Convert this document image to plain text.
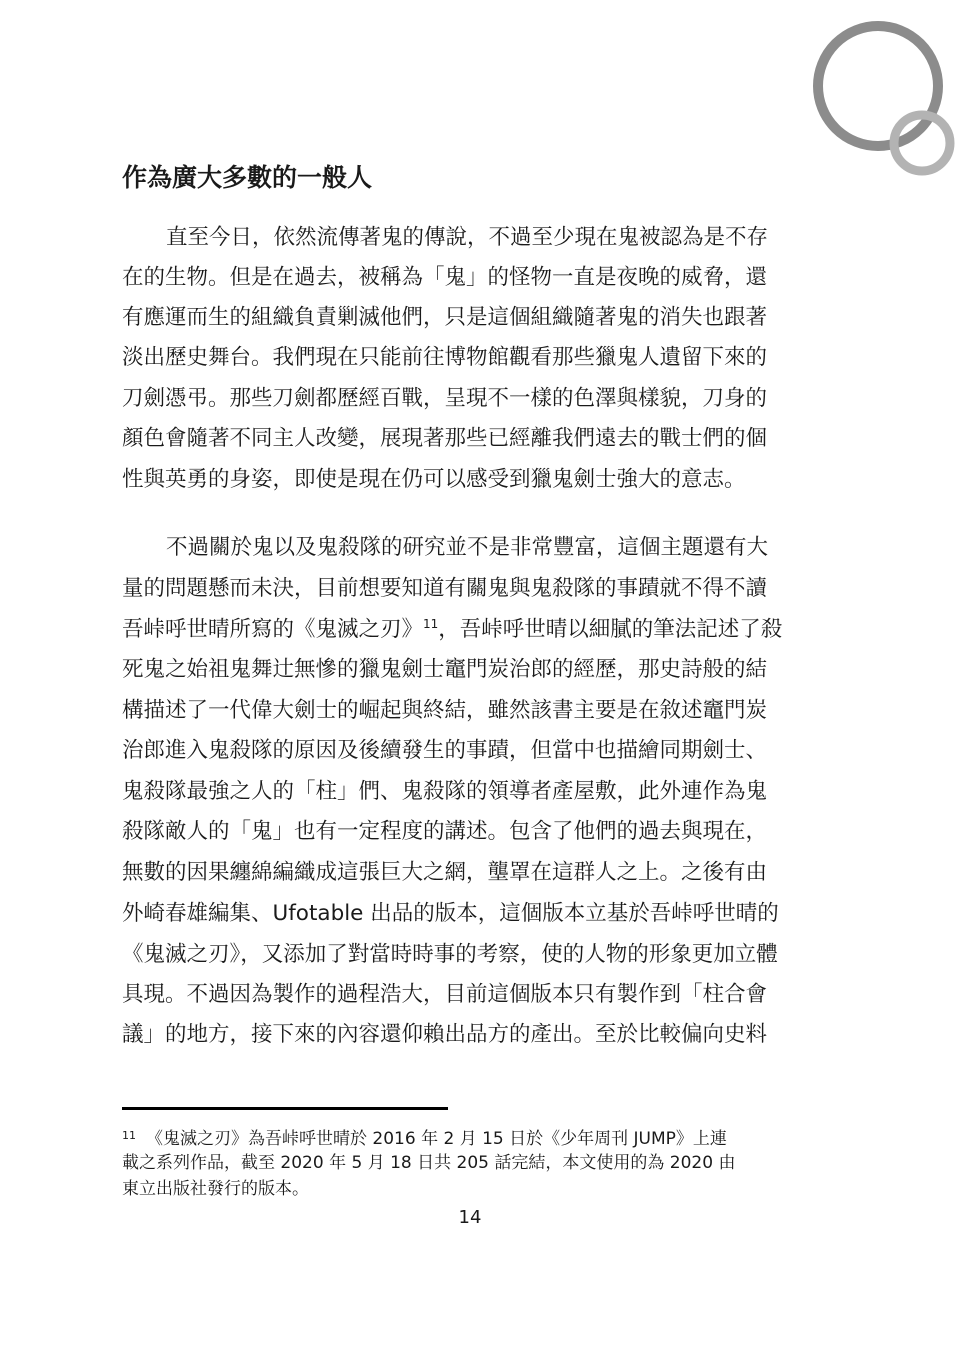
作為廣大多數的一般人
直至今日，依然流傳著鬼的傳說，不過至少現在鬼被認為是不存
在的生物。但是在過去，被稱為「鬼」的怪物一直是夜晚的威脅，還
有應運而生的組織負責剿滅他們，只是這個組織隨著鬼的消失也跟著
淡出歷史舞台。我們現在只能前往博物館觀看那些獵鬼人遺留下來的
刀劍憑弔。那些刀劍都歷經百戰，呈現不一樣的色澤與樣貌，刀身的
顏色會隨著不同主人改變，展現著那些已經離我們遠去的戰士們的個
性與英勇的身姿，即使是現在仍可以感受到獵鬼劍士強大的意志。
不過關於鬼以及鬼殺隊的研究並不是非常豐富，這個主題還有大
量的問題懸而未決，目前想要知道有關鬼與鬼殺隊的事蹟就不得不讀
吾峠呼世晴所寫的《鬼滅之刃》$^{11}$，吾峠呼世晴以細膩的筆法記述了殺
死鬼之始祖鬼舞辻無慘的獵鬼劍士竈門炭治郎的經歷，那史詩般的結
構描述了一代偉大劍士的崛起與終結，雖然該書主要是在敘述竈門炭
治郎進入鬼殺隊的原因及後續發生的事蹟，但當中也描繪同期劍士、
鬼殺隊最強之人的「柱」們、鬼殺隊的領導者產屋敷，此外連作為鬼
殺隊敵人的「鬼」也有一定程度的講述。包含了他們的過去與現在，
無數的因果纏綿編織成這張巨大之網，壟罩在這群人之上。之後有由
外崎春雄編集、Ufotable 出品的版本，這個版本立基於吾峠呼世晴的
《鬼滅之刃》，又添加了對當時時事的考察，使的人物的形象更加立體
具現。不過因為製作的過程浩大，目前這個版本只有製作到「柱合會
議」的地方，接下來的內容還仰賴出品方的產出。至於比較偏向史料
$^{11}$ 《鬼滅之刃》為吾峠呼世晴於 2016 年 2 月 15 日於《少年周刊 JUMP》上連
載之系列作品，截至 2020 年 5 月 18 日共 205 話完結，本文使用的為 2020 由
東立出版社發行的版本。
14
